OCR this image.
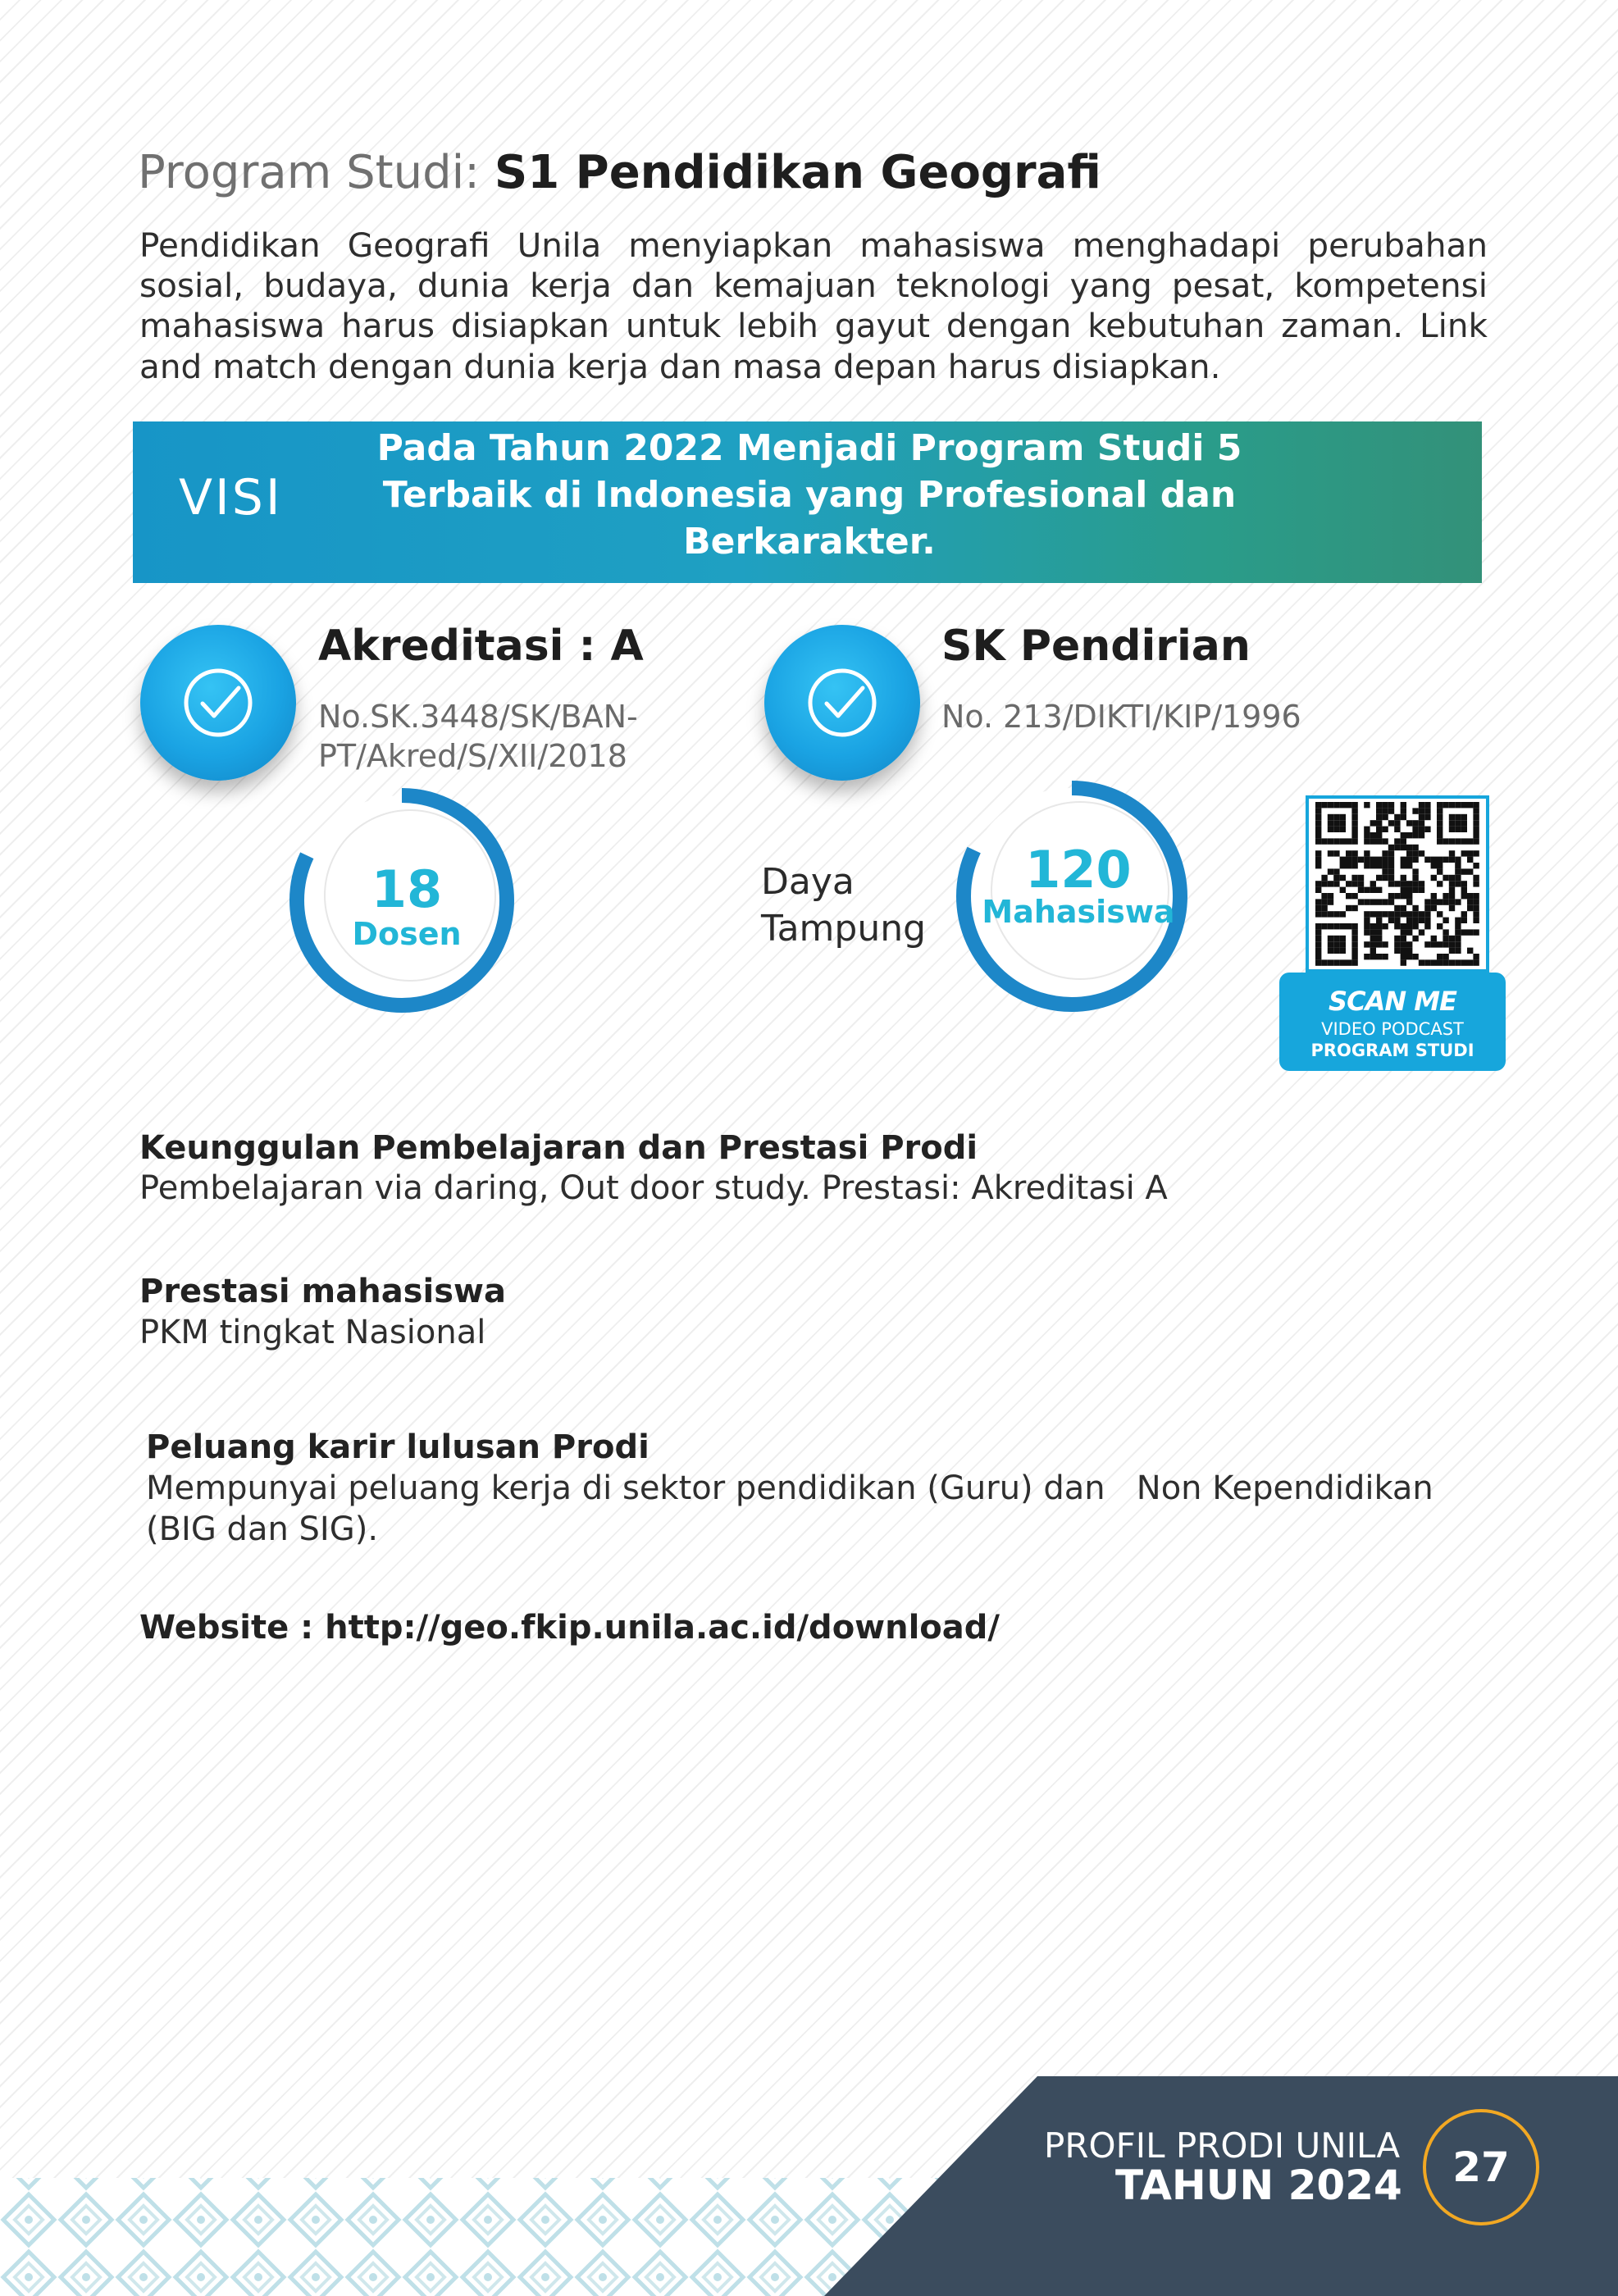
Program Studi: S1 Pendidikan Geografi
Pendidikan Geografi Unila menyiapkan mahasiswa menghadapi perubahan
sosial, budaya, dunia kerja dan kemajuan teknologi yang pesat, kompetensi
mahasiswa harus disiapkan untuk lebih gayut dengan kebutuhan zaman. Link
and match dengan dunia kerja dan masa depan harus disiapkan.
VISI
Pada Tahun 2022 Menjadi Program Studi 5
Terbaik di Indonesia yang Profesional dan
Berkarakter.
Akreditasi : A
No.SK.3448/SK/BAN-
PT/Akred/S/XII/2018
SK Pendirian
No. 213/DIKTI/KIP/1996
18
Dosen
Daya
Tampung
120
Mahasiswa
SCAN ME
VIDEO PODCAST
PROGRAM STUDI
Keunggulan Pembelajaran dan Prestasi Prodi
Pembelajaran via daring, Out door study. Prestasi: Akreditasi A
Prestasi mahasiswa
PKM tingkat Nasional
Peluang karir lulusan Prodi
Mempunyai peluang kerja di sektor pendidikan (Guru) dan   Non Kependidikan
(BIG dan SIG).
Website : http://geo.fkip.unila.ac.id/download/
PROFIL PRODI UNILA
TAHUN 2024	27
